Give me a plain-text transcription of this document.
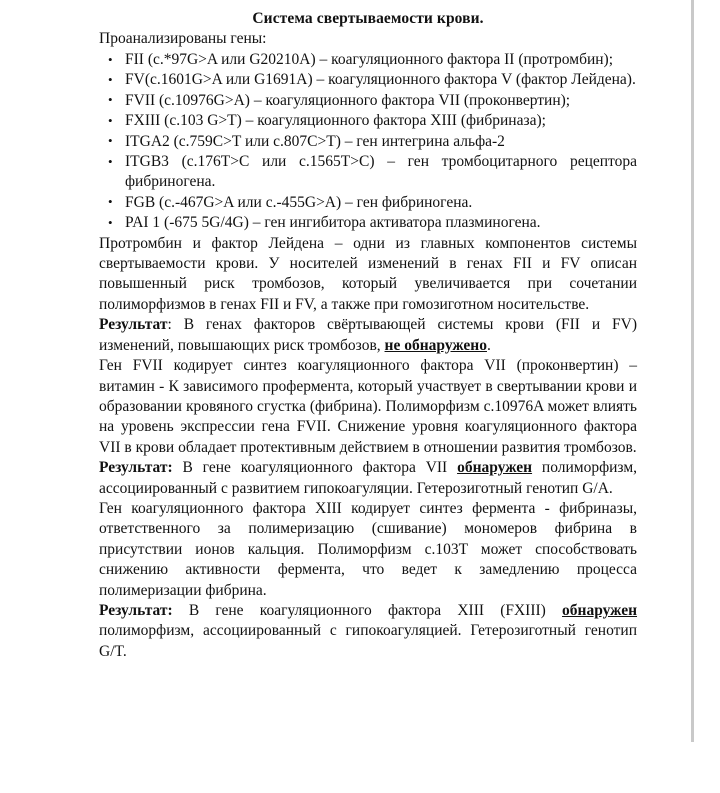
Система свертываемости крови.
Проанализированы гены:
• FII (c.*97G>A или G20210A) – коагуляционного фактора II (протромбин);
• FV(c.1601G>A или G1691A) – коагуляционного фактора V (фактор Лейдена).
• FVII (c.10976G>A) – коагуляционного фактора VII (проконвертин);
• FXIII (c.103 G>T) – коагуляционного фактора XIII (фибриназа);
• ITGA2 (c.759C>T или c.807C>T) – ген интегрина альфа-2
• ITGB3 (c.176T>C или c.1565T>C) – ген тромбоцитарного рецептора фибриногена.
• FGB (c.-467G>A или c.-455G>A) – ген фибриногена.
• PAI 1 (-675 5G/4G) – ген ингибитора активатора плазминогена.

Протромбин и фактор Лейдена – одни из главных компонентов системы свертываемости крови. У носителей изменений в генах FII и FV описан повышенный риск тромбозов, который увеличивается при сочетании полиморфизмов в генах FII и FV, а также при гомозиготном носительстве.

Результат: В генах факторов свёртывающей системы крови (FII и FV) изменений, повышающих риск тромбозов, не обнаружено.

Ген FVII кодирует синтез коагуляционного фактора VII (проконвертин) – витамин - К зависимого профермента, который участвует в свертывании крови и образовании кровяного сгустка (фибрина). Полиморфизм c.10976A может влиять на уровень экспрессии гена FVII. Снижение уровня коагуляционного фактора VII в крови обладает протективным действием в отношении развития тромбозов.

Результат: В гене коагуляционного фактора VII обнаружен полиморфизм, ассоциированный с развитием гипокоагуляции. Гетерозиготный генотип G/A.

Ген коагуляционного фактора XIII кодирует синтез фермента - фибриназы, ответственного за полимеризацию (сшивание) мономеров фибрина в присутствии ионов кальция. Полиморфизм c.103T может способствовать снижению активности фермента, что ведет к замедлению процесса полимеризации фибрина.

Результат: В гене коагуляционного фактора XIII (FXIII) обнаружен полиморфизм, ассоциированный с гипокоагуляцией. Гетерозиготный генотип G/T.
